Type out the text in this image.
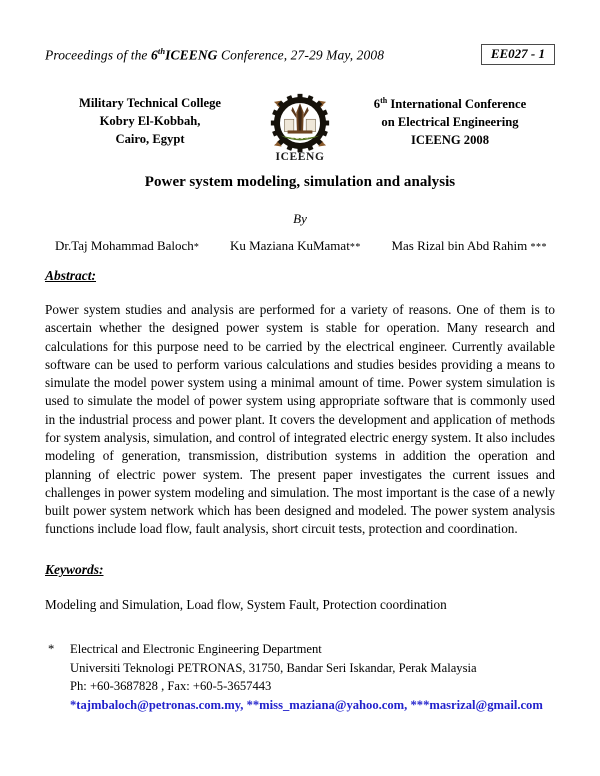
Proceedings of the 6thICEENG Conference, 27-29 May, 2008	EE027 - 1
Military Technical College
Kobry El-Kobbah,
Cairo, Egypt
ICEENG
6th International Conference
on Electrical Engineering
ICEENG 2008
Power system modeling, simulation and analysis
By
Dr.Taj Mohammad Baloch* Ku Maziana KuMamat** Mas Rizal bin Abd Rahim ***
Abstract:
Power system studies and analysis are performed for a variety of reasons. One of them is to ascertain whether the designed power system is stable for operation. Many research and calculations for this purpose need to be carried by the electrical engineer. Currently available software can be used to perform various calculations and studies besides providing a means to simulate the model power system using a minimal amount of time. Power system simulation is used to simulate the model of power system using appropriate software that is commonly used in the industrial process and power plant. It covers the development and application of methods for system analysis, simulation, and control of integrated electric energy system. It also includes modeling of generation, transmission, distribution systems in addition the operation and planning of electric power system. The present paper investigates the current issues and challenges in power system modeling and simulation. The most important is the case of a newly built power system network which has been designed and modeled. The power system analysis functions include load flow, fault analysis, short circuit tests, protection and coordination.
Keywords:
Modeling and Simulation, Load flow, System Fault, Protection coordination
*	Electrical and Electronic Engineering Department
Universiti Teknologi PETRONAS, 31750, Bandar Seri Iskandar, Perak Malaysia
Ph: +60-3687828 , Fax: +60-5-3657443
*tajmbaloch@petronas.com.my, **miss_maziana@yahoo.com, ***masrizal@gmail.com
